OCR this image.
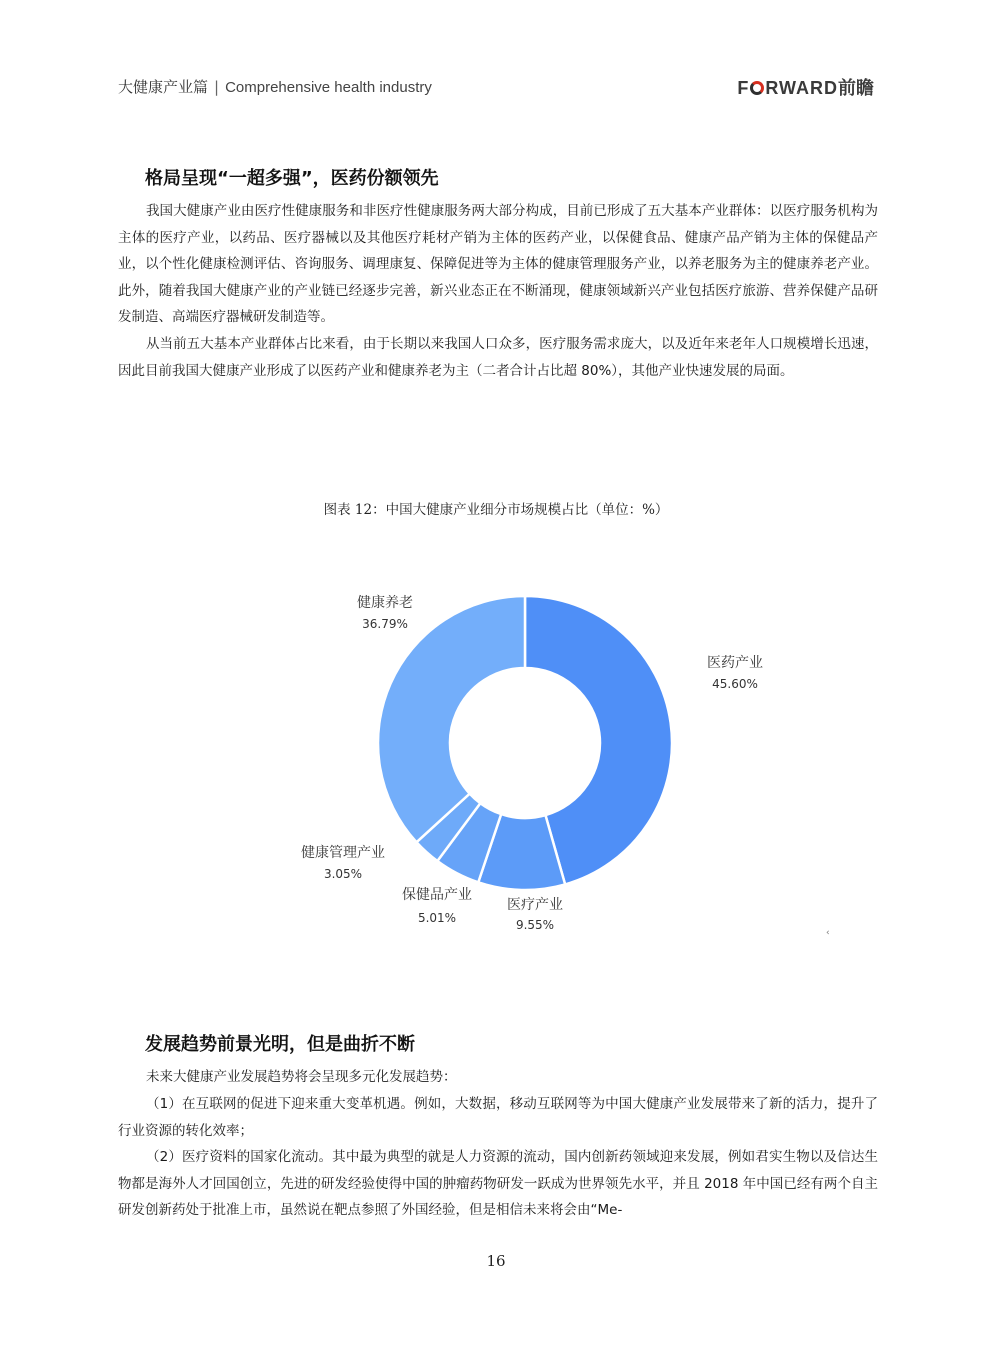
大健康产业篇 | Comprehensive health industry	F RWARD前瞻
格局呈现“一超多强”，医药份额领先

我国大健康产业由医疗性健康服务和非医疗性健康服务两大部分构成，目前已形成了五大基本产业群体：以医疗服务机构为主体的医疗产业，以药品、医疗器械以及其他医疗耗材产销为主体的医药产业，以保健食品、健康产品产销为主体的保健品产业，以个性化健康检测评估、咨询服务、调理康复、保障促进等为主体的健康管理服务产业，以养老服务为主的健康养老产业。此外，随着我国大健康产业的产业链已经逐步完善，新兴业态正在不断涌现，健康领域新兴产业包括医疗旅游、营养保健产品研发制造、高端医疗器械研发制造等。

从当前五大基本产业群体占比来看，由于长期以来我国人口众多，医疗服务需求庞大，以及近年来老年人口规模增长迅速，因此目前我国大健康产业形成了以医药产业和健康养老为主（二者合计占比超 80%），其他产业快速发展的局面。

图表 12：中国大健康产业细分市场规模占比（单位：%）
医药产业
45.60%
医疗产业
9.55%
保健品产业
5.01%
健康管理产业
3.05%
健康养老
36.79%
‹
发展趋势前景光明，但是曲折不断

未来大健康产业发展趋势将会呈现多元化发展趋势：

（1）在互联网的促进下迎来重大变革机遇。例如，大数据，移动互联网等为中国大健康产业发展带来了新的活力，提升了行业资源的转化效率；

（2）医疗资料的国家化流动。其中最为典型的就是人力资源的流动，国内创新药领域迎来发展，例如君实生物以及信达生物都是海外人才回国创立，先进的研发经验使得中国的肿瘤药物研发一跃成为世界领先水平，并且 2018 年中国已经有两个自主研发创新药处于批准上市，虽然说在靶点参照了外国经验，但是相信未来将会由“Me-

16
